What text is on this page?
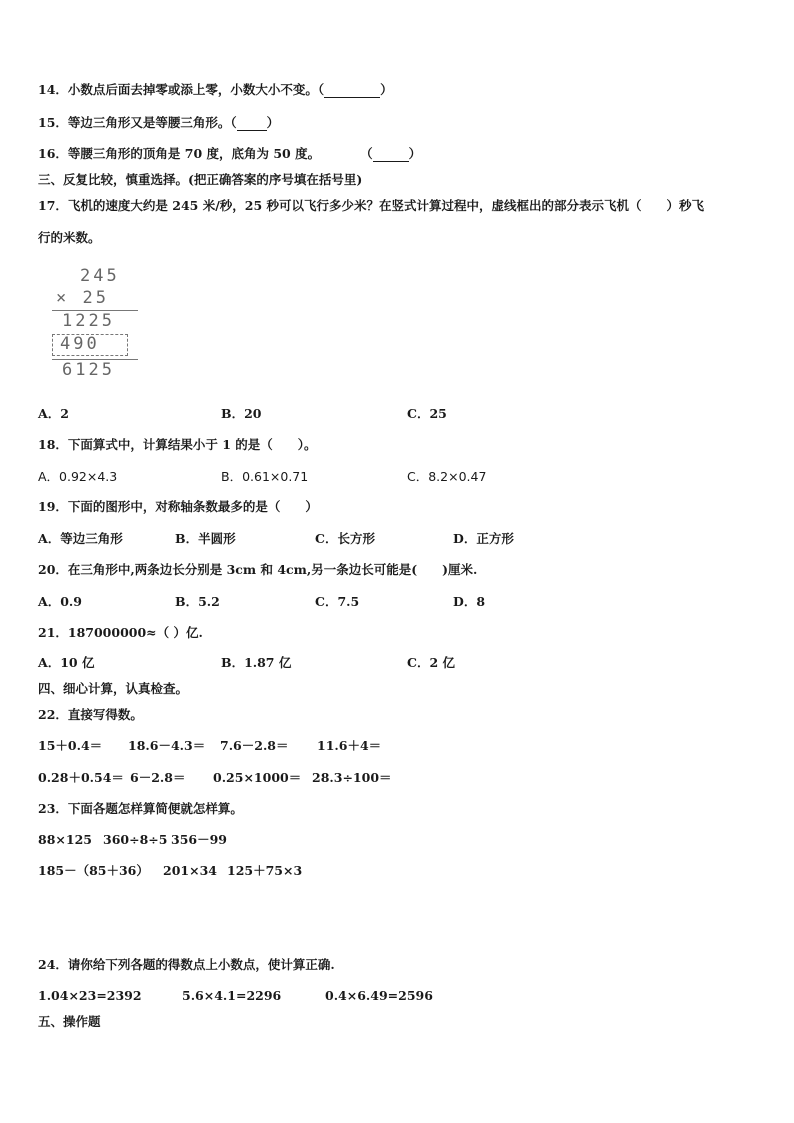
14．小数点后面去掉零或添上零，小数大小不变。（	）
15．等边三角形又是等腰三角形。（ ）
16．等腰三角形的顶角是 70 度，底角为 50 度。	（	）
三、反复比较，慎重选择。(把正确答案的序号填在括号里)
17．飞机的速度大约是 245 米/秒，25 秒可以飞行多少米？在竖式计算过程中，虚线框出的部分表示飞机（　　）秒飞
行的米数。
245
× 25
1225
490
6125
A．2	B．20	C．25
18．下面算式中，计算结果小于 1 的是（　　）。
A．0.92×4.3	B．0.61×0.71	C．8.2×0.47
19．下面的图形中，对称轴条数最多的是（　　）
A．等边三角形	B．半圆形	C．长方形	D．正方形
20．在三角形中,两条边长分别是 3cm 和 4cm,另一条边长可能是(　　)厘米.
A．0.9	B．5.2	C．7.5	D．8
21．187000000≈（ ）亿.
A．10 亿	B．1.87 亿	C．2 亿
四、细心计算，认真检查。
22．直接写得数。
15＋0.4＝ 18.6－4.3＝ 7.6－2.8＝ 11.6＋4＝
0.28＋0.54＝ 6－2.8＝ 0.25×1000＝ 28.3÷100＝
23．下面各题怎样算简便就怎样算。
88×125 360÷8÷5 356－99
185－（85＋36） 201×34 125＋75×3
24．请你给下列各题的得数点上小数点，使计算正确.
1.04×23=2392	5.6×4.1=2296	0.4×6.49=2596
五、操作题
